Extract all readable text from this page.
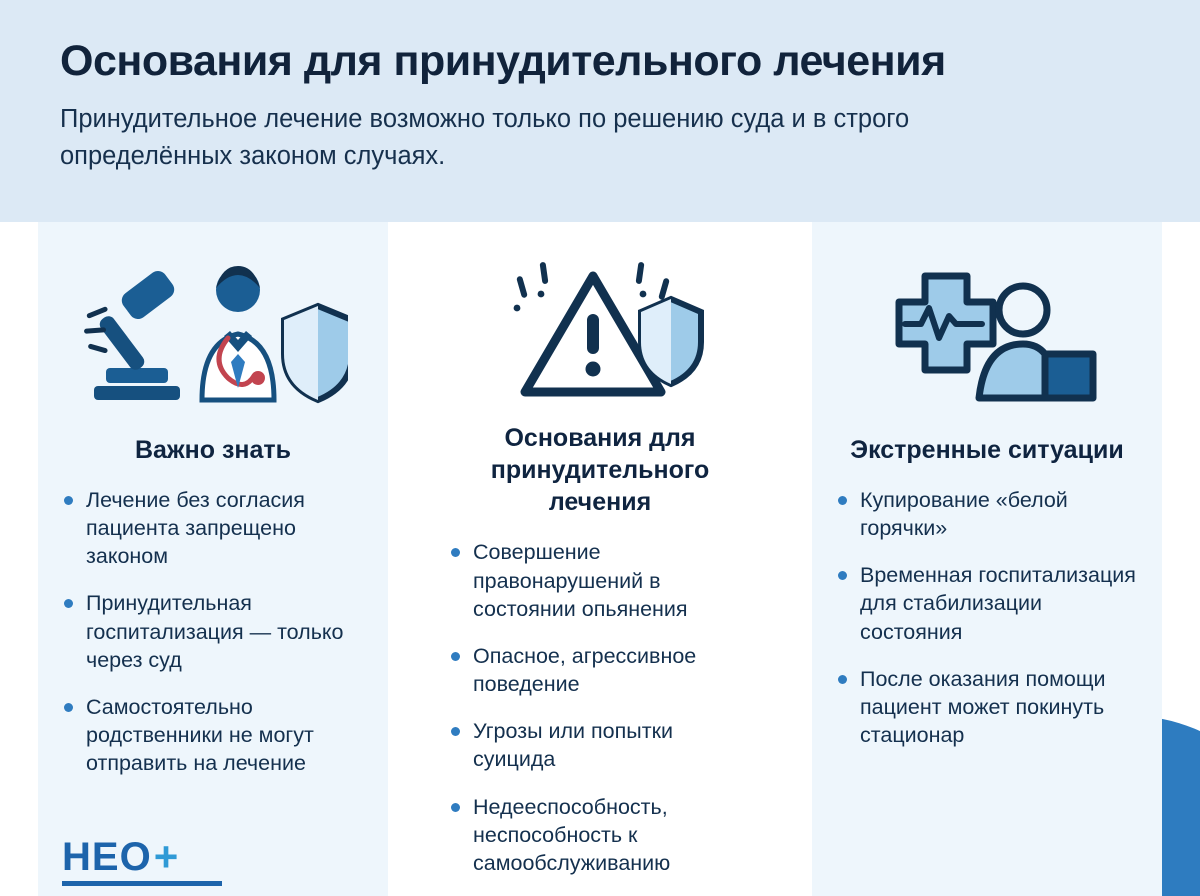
Основания для принудительного лечения

Принудительное лечение возможно только по решению суда и в строго определённых законом случаях.

Важно знать
Лечение без согласия пациента запрещено законом
Принудительная госпитализация — только через суд
Самостоятельно родственники не могут отправить на лечение
Основания для принудительного лечения
Совершение правонарушений в состоянии опьянения
Опасное, агрессивное поведение
Угрозы или попытки суицида
Недееспособность, неспособность к самообслуживанию
Экстренные ситуации
Купирование «белой горячки»
Временная госпитализация для стабилизации состояния
После оказания помощи пациент может покинуть стационар
НЕО +
